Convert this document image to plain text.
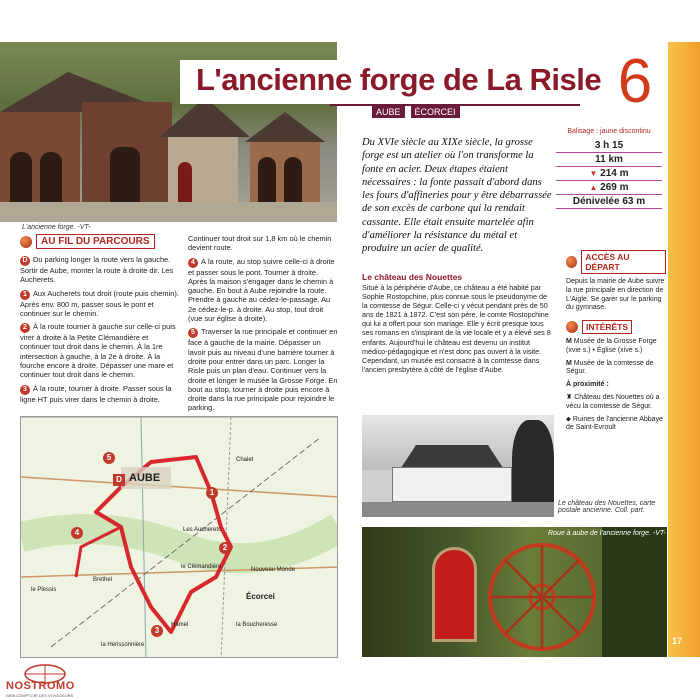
L'ancienne forge de La Risle
AUBE	ÉCORCEI	6
17
L'ancienne forge. -VT-
AU FIL DU PARCOURS

D Du parking longer la route vers la gauche. Sortir de Aube, monter la route à droite dir. Les Aucherets.

1 Aux Aucherets tout droit (route puis chemin). Après env. 800 m, passer sous le pont et continuer sur le chemin.

2 À la route tourner à gauche sur celle-ci puis virer à droite à la Petite Clémandière et continuer tout droit dans le chemin. À la 1re intersection à gauche, à la 2e à droite. À la fourche encore à droite. Dépasser une mare et continuer tout droit dans le chemin.

3 À la route, tourner à droite. Passer sous la ligne HT puis virer dans le chemin à droite.

Continuer tout droit sur 1,8 km où le chemin devient route.

4 À la route, au stop suivre celle-ci à droite et passer sous le pont. Tourner à droite. Après la maison s'engager dans le chemin à gauche. En bout à Aube rejoindre la route. Prendre à gauche au cédez-le-passage. Au 2e cédez-le-p. à droite. Au stop, tout droit (vue sur église à droite).

5 Traverser la rue principale et continuer en face à gauche de la mairie. Dépasser un lavoir puis au niveau d'une barrière tourner à droite pour entrer dans un parc. Longer la Risle puis un plan d'eau. Continuer vers la droite et longer le musée la Grosse Forge. En bout au stop, tourner à droite puis encore à droite dans la rue principale pour rejoindre le parking.

Du XVIe siècle au XIXe siècle, la grosse forge est un atelier où l'on transforme la fonte en acier. Deux étapes étaient nécessaires : la fonte passait d'abord dans les fours d'affineries pour y être débarrassée de son excès de carbone qui la rendait cassante. Elle était ensuite martelée afin d'améliorer la résistance du métal et produire un acier de qualité.
Le château des Nouettes
Situé à la périphérie d'Aube, ce château a été habité par Sophie Rostopchine, plus connue sous le pseudonyme de la comtesse de Ségur. Celle-ci y vécut pendant près de 50 ans de 1821 à 1872. C'est son père, le comte Rostopchine qui lui a offert pour son mariage. Elle y écrit presque tous ses romans en s'inspirant de la vie locale et y a élevé ses 8 enfants. Aujourd'hui le château est devenu un institut médico-pédagogique et n'est donc pas ouvert à la visite. Cependant, un musée est consacré à la comtesse dans l'ancien presbytère à côté de l'église d'Aube.
Le château des Nouettes, carte postale ancienne. Coll. part.
Roue à aube de l'ancienne forge. -VT-
Balisage : jaune discontinu
3 h 15
11 km
▼ 214 m
▲ 269 m
Dénivelée 63 m
ACCÈS AU DÉPART
Depuis la mairie de Aube suivre la rue principale en direction de L'Aigle. Se garer sur le parking du gymnase.
INTÉRÊTS

M Musée de la Grosse Forge (xvie s.) • Église (xive s.)

M Musée de la comtesse de Ségur.

À proximité :

♜ Château des Nouettes où a vécu la comtesse de Ségur.

⬥ Ruines de l'ancienne Abbaye de Saint-Evroult

AUBE
D
Les Aucherets
le Clémandière
Brethel
le Plessis
Écorcei
Hamel
Nouveau Monde
la Herissonnière
la Boucheresse
Chalet
1
2
3
4
5
NOSTROMO
WEB COMPTOIR DES VOYAGEURS
